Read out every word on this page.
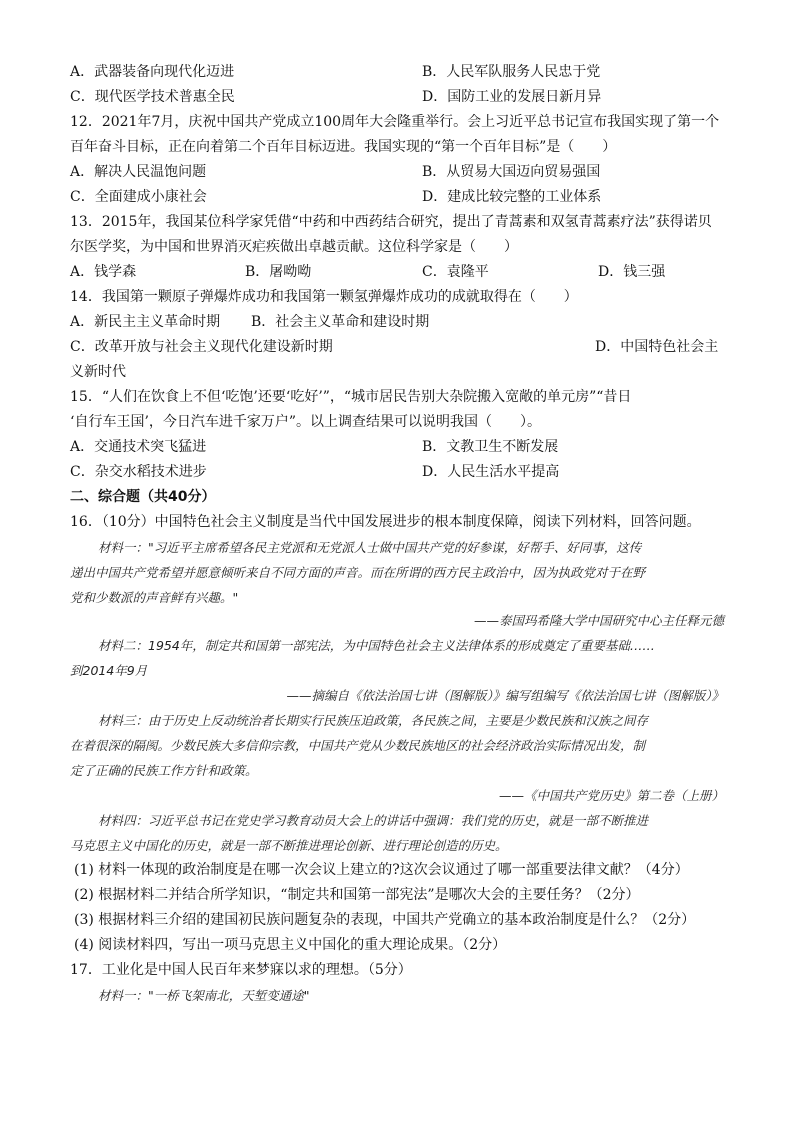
A．武器装备向现代化迈进	B．人民军队服务人民忠于党
C．现代医学技术普惠全民	D．国防工业的发展日新月异
12．2021年7月，庆祝中国共产党成立100周年大会隆重举行。会上习近平总书记宣布我国实现了第一个
百年奋斗目标，正在向着第二个百年目标迈进。我国实现的“第一个百年目标”是（　　）
A．解决人民温饱问题	B．从贸易大国迈向贸易强国
C．全面建成小康社会	D．建成比较完整的工业体系
13．2015年，我国某位科学家凭借“中药和中西药结合研究，提出了青蒿素和双氢青蒿素疗法”获得诺贝
尔医学奖，为中国和世界消灭疟疾做出卓越贡献。这位科学家是（　　）
A．钱学森	B．屠呦呦	C．袁隆平	D．钱三强
14．我国第一颗原子弹爆炸成功和我国第一颗氢弹爆炸成功的成就取得在（　　）
A．新民主主义革命时期 B．社会主义革命和建设时期
C．改革开放与社会主义现代化建设新时期	D．中国特色社会主
义新时代
15．“人们在饮食上不但‘吃饱’还要‘吃好’”，“城市居民告别大杂院搬入宽敞的单元房”“昔日
‘自行车王国’，今日汽车进千家万户”。以上调查结果可以说明我国（　　）。
A．交通技术突飞猛进	B．文教卫生不断发展
C．杂交水稻技术进步	D．人民生活水平提高
二、综合题（共40分）
16．（10分）中国特色社会主义制度是当代中国发展进步的根本制度保障，阅读下列材料，回答问题。
材料一："习近平主席希望各民主党派和无党派人士做中国共产党的好参谋，好帮手、好同事，这传
递出中国共产党希望并愿意倾听来自不同方面的声音。而在所谓的西方民主政治中，因为执政党对于在野
党和少数派的声音鲜有兴趣。"
——泰国玛希隆大学中国研究中心主任释元德
材料二：1954年，制定共和国第一部宪法，为中国特色社会主义法律体系的形成奠定了重要基础……
到2014年9月
——摘编自《依法治国七讲（图解版）》编写组编写《依法治国七讲（图解版）》
材料三：由于历史上反动统治者长期实行民族压迫政策，各民族之间，主要是少数民族和汉族之间存
在着很深的隔阂。少数民族大多信仰宗教，中国共产党从少数民族地区的社会经济政治实际情况出发，制
定了正确的民族工作方针和政策。
——《中国共产党历史》第二卷（上册）
材料四：习近平总书记在党史学习教育动员大会上的讲话中强调：我们党的历史，就是一部不断推进
马克思主义中国化的历史，就是一部不断推进理论创新、进行理论创造的历史。
(1) 材料一体现的政治制度是在哪一次会议上建立的?这次会议通过了哪一部重要法律文献？（4分）
(2) 根据材料二并结合所学知识，“制定共和国第一部宪法”是哪次大会的主要任务？（2分）
(3) 根据材料三介绍的建国初民族问题复杂的表现，中国共产党确立的基本政治制度是什么？（2分）
(4) 阅读材料四，写出一项马克思主义中国化的重大理论成果。（2分）
17．工业化是中国人民百年来梦寐以求的理想。（5分）
材料一："一桥飞架南北，天堑变通途"
